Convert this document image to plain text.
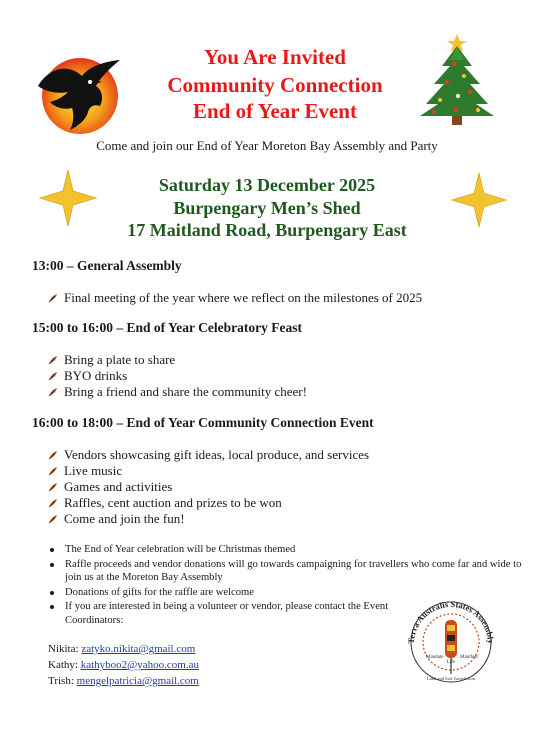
You Are Invited
Community Connection
End of Year Event
Come and join our End of Year Moreton Bay Assembly and Party
Saturday 13 December 2025
Burpengary Men’s Shed
17 Maitland Road, Burpengary East
13:00 – General Assembly
Final meeting of the year where we reflect on the milestones of 2025
15:00 to 16:00 – End of Year Celebratory Feast
Bring a plate to share
BYO drinks
Bring a friend and share the community cheer!
16:00 to 18:00 – End of Year Community Connection Event
Vendors showcasing gift ideas, local produce, and services
Live music
Games and activities
Raffles, cent auction and prizes to be won
Come and join the fun!
The End of Year celebration will be Christmas themed
Raffle proceeds and vendor donations will go towards campaigning for travellers who come far and wide to join us at the Moreton Bay Assembly
Donations of gifts for the raffle are welcome
If you are interested in being a volunteer or vendor, please contact the Event Coordinators:
Nikita: zatyko.nikita@gmail.com
Kathy: kathyboo2@yahoo.com.au
Trish: mengelpatricia@gmail.com
Terra Australis States Assembly
Mandate
Life
Manifest
Land and Soil Jurisdiction
